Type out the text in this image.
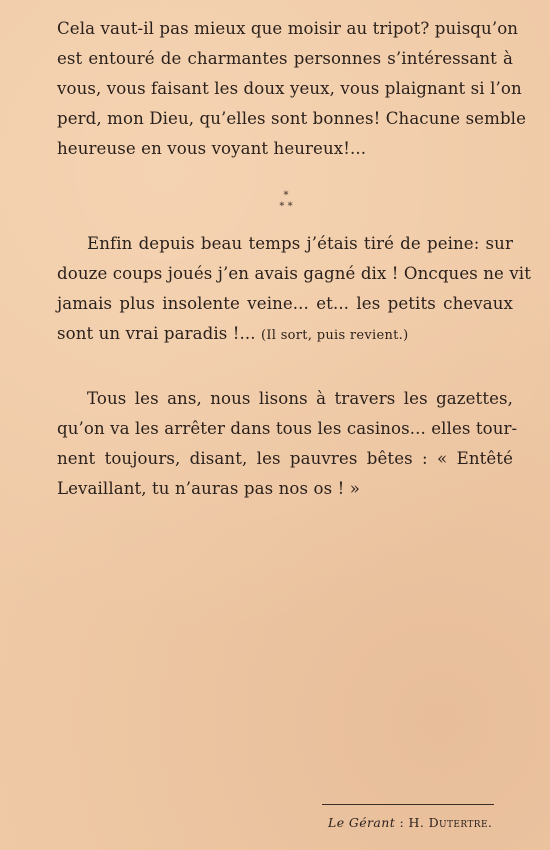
Cela vaut-il pas mieux que moisir au tripot? puisqu’on
est entouré de charmantes personnes s’intéressant à
vous, vous faisant les doux yeux, vous plaignant si l’on
perd, mon Dieu, qu’elles sont bonnes! Chacune semble
heureuse en vous voyant heureux!...

*
* *

Enfin depuis beau temps j’étais tiré de peine: sur
douze coups joués j’en avais gagné dix ! Oncques ne vit
jamais plus insolente veine... et... les petits chevaux
sont un vrai paradis !... (Il sort, puis revient.)

Tous les ans, nous lisons à travers les gazettes,
qu’on va les arrêter dans tous les casinos... elles tour-
nent toujours, disant, les pauvres bêtes : « Entêté
Levaillant, tu n’auras pas nos os ! »

Le Gérant : H. Dutertre.
